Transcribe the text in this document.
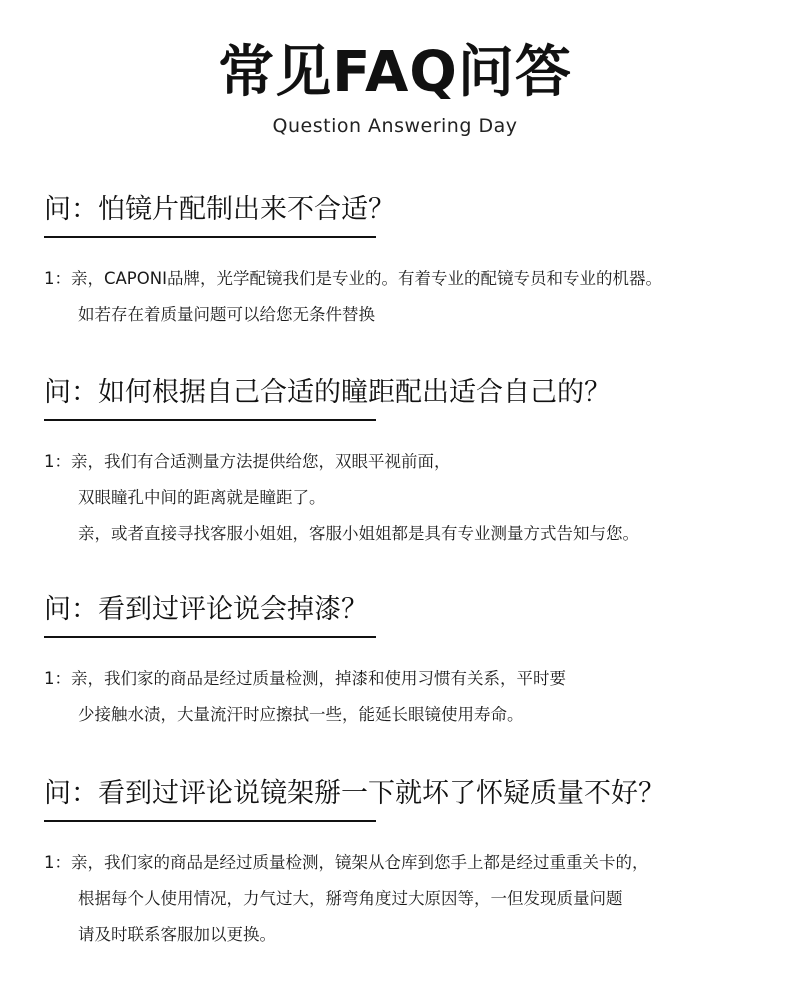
常见FAQ问答
Question Answering Day
问：怕镜片配制出来不合适？
1：亲，CAPONI品牌，光学配镜我们是专业的。有着专业的配镜专员和专业的机器。
如若存在着质量问题可以给您无条件替换
问：如何根据自己合适的瞳距配出适合自己的？
1：亲，我们有合适测量方法提供给您，双眼平视前面，
双眼瞳孔中间的距离就是瞳距了。
亲，或者直接寻找客服小姐姐，客服小姐姐都是具有专业测量方式告知与您。
问：看到过评论说会掉漆？
1：亲，我们家的商品是经过质量检测，掉漆和使用习惯有关系，平时要
少接触水渍，大量流汗时应擦拭一些，能延长眼镜使用寿命。
问：看到过评论说镜架掰一下就坏了怀疑质量不好？
1：亲，我们家的商品是经过质量检测，镜架从仓库到您手上都是经过重重关卡的，
根据每个人使用情况，力气过大，掰弯角度过大原因等，一但发现质量问题
请及时联系客服加以更换。
